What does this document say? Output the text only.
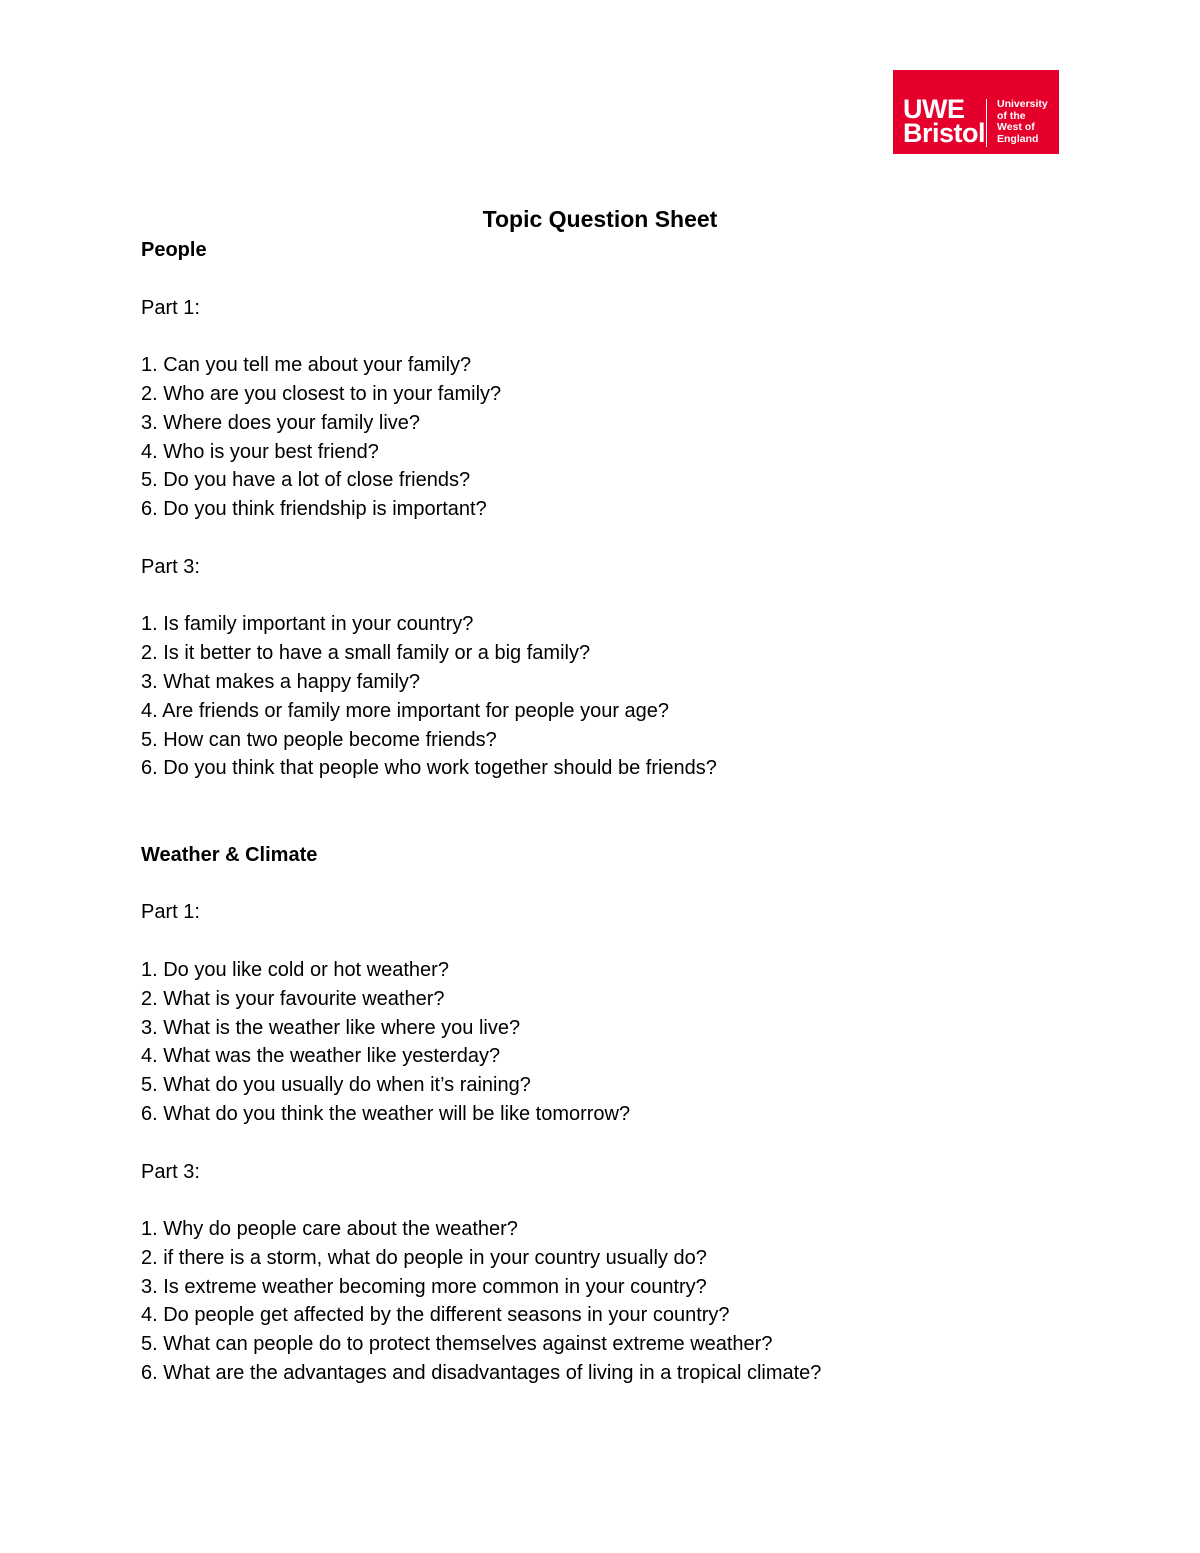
UWE
Bristol
University
of the
West of
England
Topic Question Sheet
People
Part 1:
1. Can you tell me about your family?
2. Who are you closest to in your family?
3. Where does your family live?
4. Who is your best friend?
5. Do you have a lot of close friends?
6. Do you think friendship is important?
Part 3:
1. Is family important in your country?
2. Is it better to have a small family or a big family?
3. What makes a happy family?
4. Are friends or family more important for people your age?
5. How can two people become friends?
6. Do you think that people who work together should be friends?
Weather & Climate
Part 1:
1. Do you like cold or hot weather?
2. What is your favourite weather?
3. What is the weather like where you live?
4. What was the weather like yesterday?
5. What do you usually do when it’s raining?
6. What do you think the weather will be like tomorrow?
Part 3:
1. Why do people care about the weather?
2. if there is a storm, what do people in your country usually do?
3. Is extreme weather becoming more common in your country?
4. Do people get affected by the different seasons in your country?
5. What can people do to protect themselves against extreme weather?
6. What are the advantages and disadvantages of living in a tropical climate?
